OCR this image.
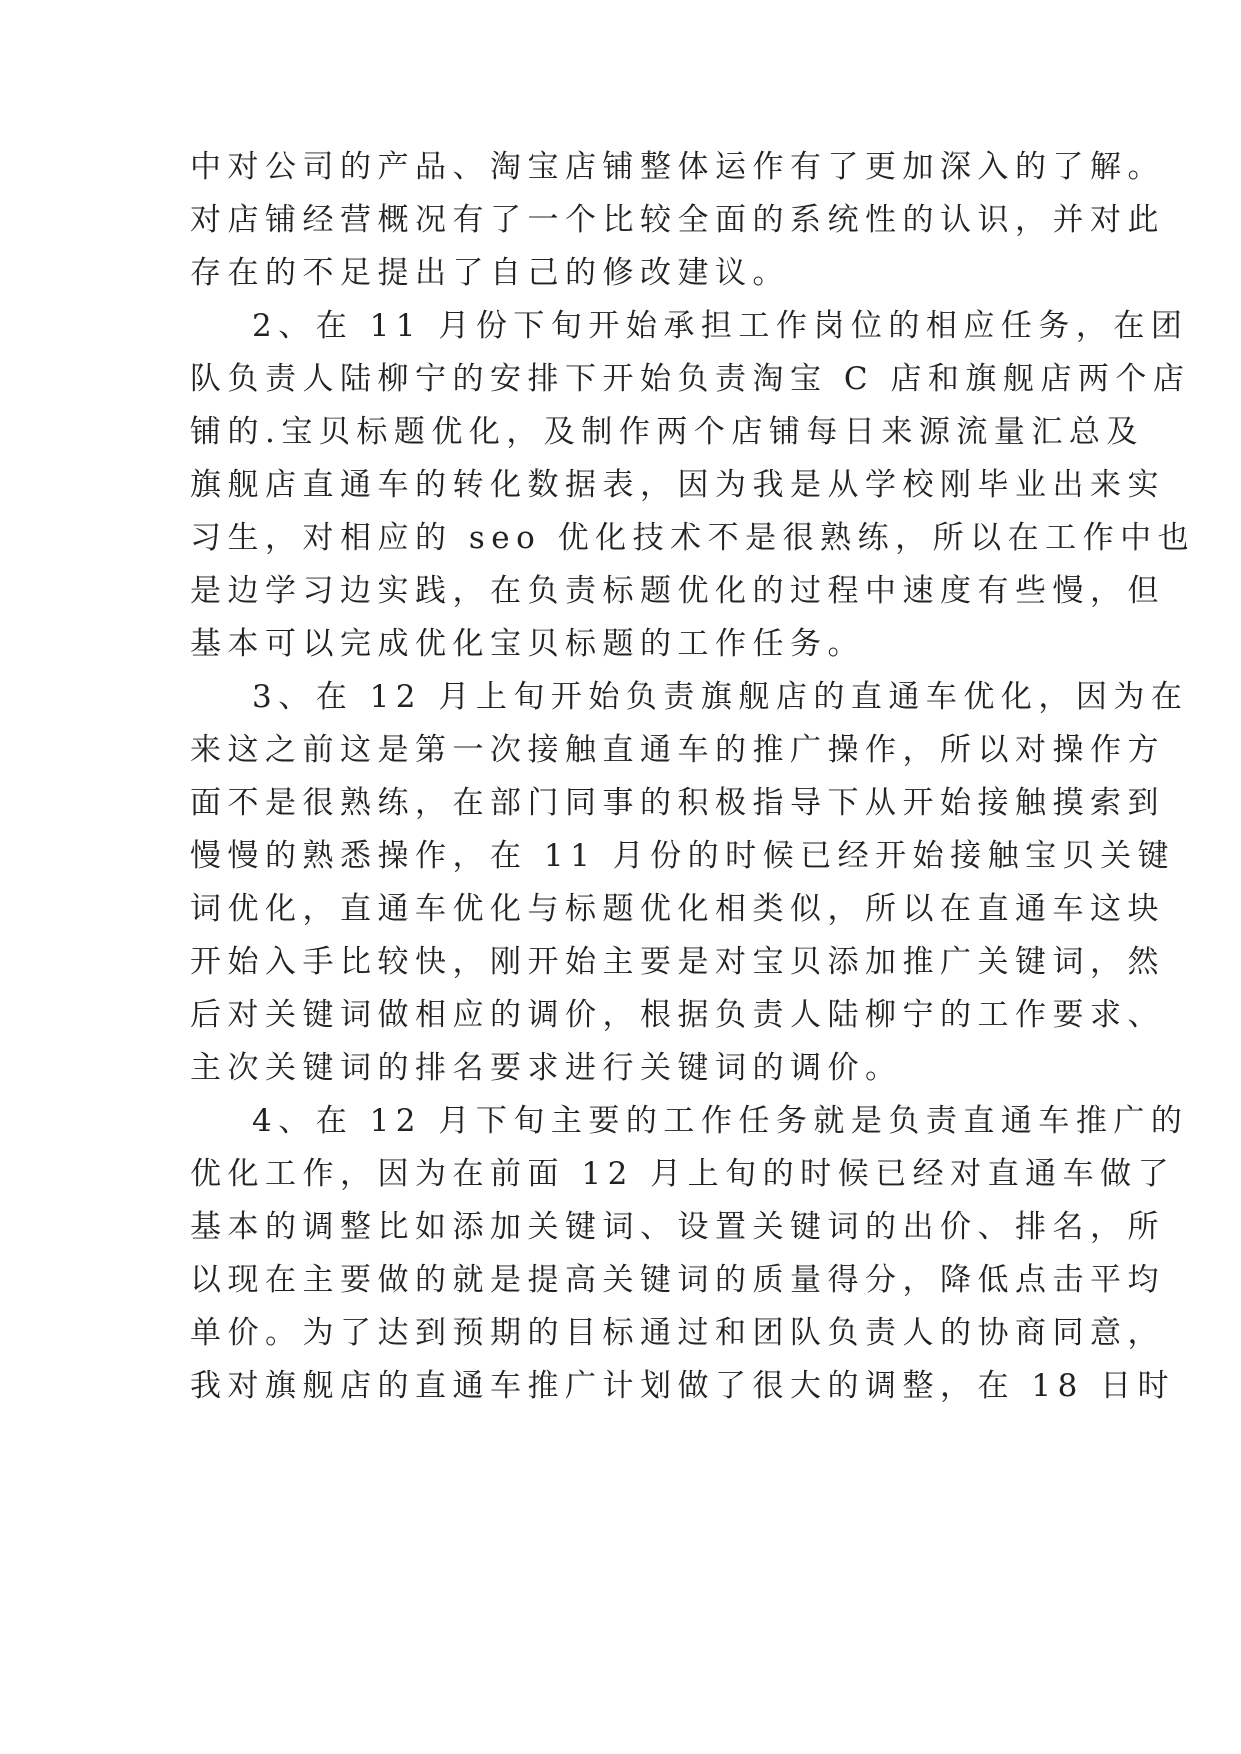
中对公司的产品、淘宝店铺整体运作有了更加深入的了解。
对店铺经营概况有了一个比较全面的系统性的认识，并对此
存在的不足提出了自己的修改建议。
2、在 11 月份下旬开始承担工作岗位的相应任务，在团
队负责人陆柳宁的安排下开始负责淘宝 C 店和旗舰店两个店
铺的.宝贝标题优化，及制作两个店铺每日来源流量汇总及
旗舰店直通车的转化数据表，因为我是从学校刚毕业出来实
习生，对相应的 seo 优化技术不是很熟练，所以在工作中也
是边学习边实践，在负责标题优化的过程中速度有些慢，但
基本可以完成优化宝贝标题的工作任务。
3、在 12 月上旬开始负责旗舰店的直通车优化，因为在
来这之前这是第一次接触直通车的推广操作，所以对操作方
面不是很熟练，在部门同事的积极指导下从开始接触摸索到
慢慢的熟悉操作，在 11 月份的时候已经开始接触宝贝关键
词优化，直通车优化与标题优化相类似，所以在直通车这块
开始入手比较快，刚开始主要是对宝贝添加推广关键词，然
后对关键词做相应的调价，根据负责人陆柳宁的工作要求、
主次关键词的排名要求进行关键词的调价。
4、在 12 月下旬主要的工作任务就是负责直通车推广的
优化工作，因为在前面 12 月上旬的时候已经对直通车做了
基本的调整比如添加关键词、设置关键词的出价、排名，所
以现在主要做的就是提高关键词的质量得分，降低点击平均
单价。为了达到预期的目标通过和团队负责人的协商同意，
我对旗舰店的直通车推广计划做了很大的调整，在 18 日时
